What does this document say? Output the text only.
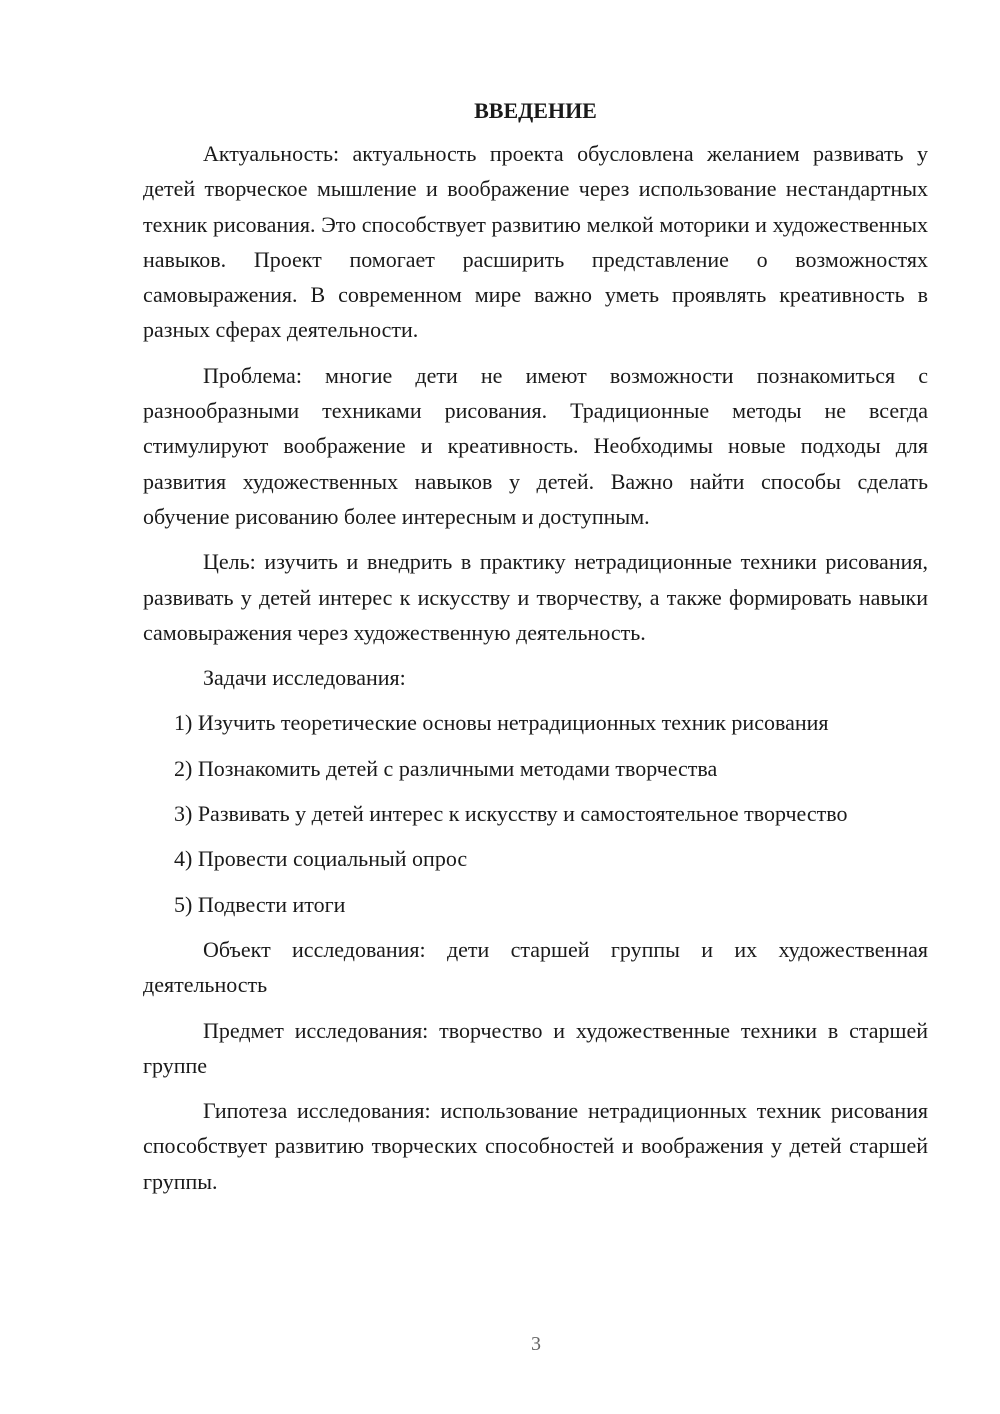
ВВЕДЕНИЕ

Актуальность: актуальность проекта обусловлена желанием развивать у детей творческое мышление и воображение через использование нестандартных техник рисования. Это способствует развитию мелкой моторики и художественных навыков. Проект помогает расширить представление о возможностях самовыражения. В современном мире важно уметь проявлять креативность в разных сферах деятельности.

Проблема: многие дети не имеют возможности познакомиться с разнообразными техниками рисования. Традиционные методы не всегда стимулируют воображение и креативность. Необходимы новые подходы для развития художественных навыков у детей. Важно найти способы сделать обучение рисованию более интересным и доступным.

Цель: изучить и внедрить в практику нетрадиционные техники рисования, развивать у детей интерес к искусству и творчеству, а также формировать навыки самовыражения через художественную деятельность.

Задачи исследования:
1) Изучить теоретические основы нетрадиционных техник рисования
2) Познакомить детей с различными методами творчества
3) Развивать у детей интерес к искусству и самостоятельное творчество
4) Провести социальный опрос
5) Подвести итоги

Объект исследования: дети старшей группы и их художественная деятельность

Предмет исследования: творчество и художественные техники в старшей группе

Гипотеза исследования: использование нетрадиционных техник рисования способствует развитию творческих способностей и воображения у детей старшей группы.

3
